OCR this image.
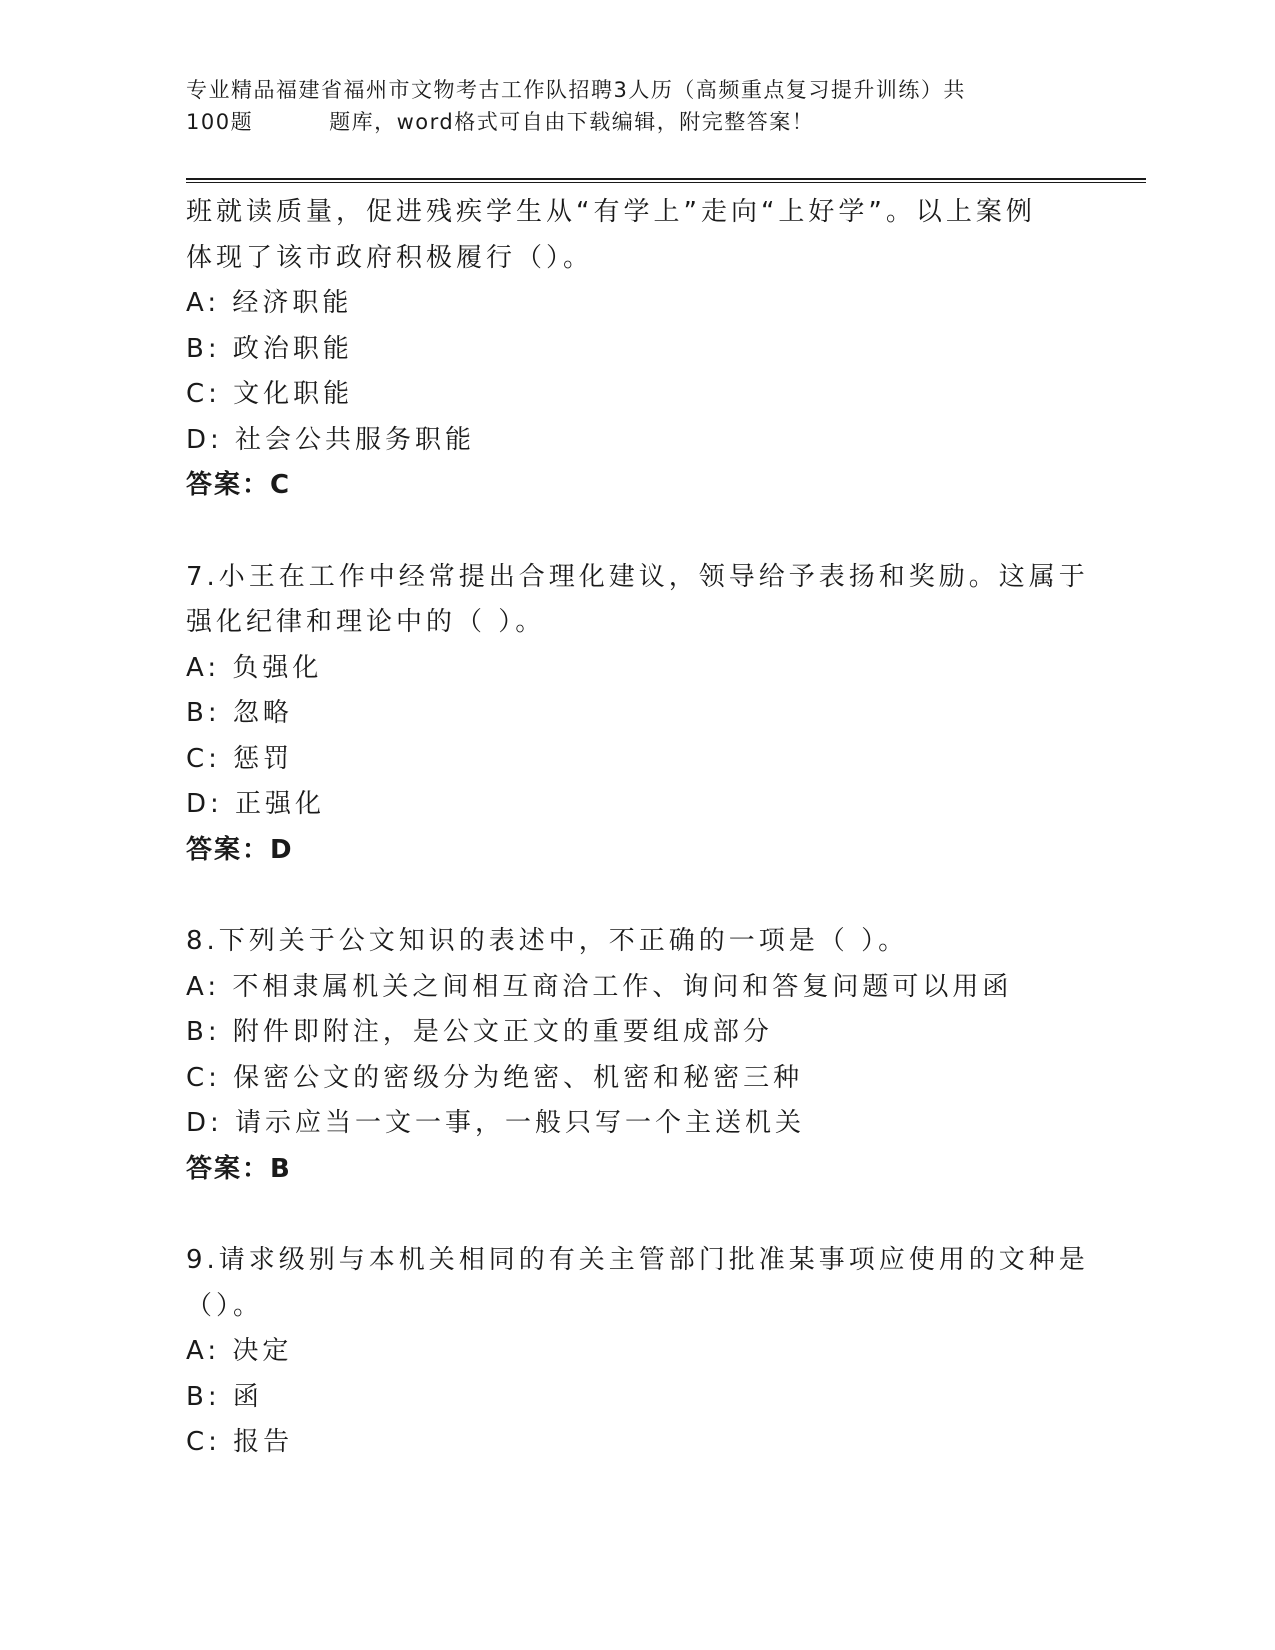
专业精品福建省福州市文物考古工作队招聘3人历（高频重点复习提升训练）共
100题	题库，word格式可自由下载编辑，附完整答案！
班就读质量，促进残疾学生从“有学上”走向“上好学”。以上案例
体现了该市政府积极履行（）。
A: 经济职能
B: 政治职能
C: 文化职能
D: 社会公共服务职能
答案：C
7.小王在工作中经常提出合理化建议，领导给予表扬和奖励。这属于
强化纪律和理论中的（ ）。
A: 负强化
B: 忽略
C: 惩罚
D: 正强化
答案：D
8.下列关于公文知识的表述中，不正确的一项是（ ）。
A: 不相隶属机关之间相互商洽工作、询问和答复问题可以用函
B: 附件即附注，是公文正文的重要组成部分
C: 保密公文的密级分为绝密、机密和秘密三种
D: 请示应当一文一事，一般只写一个主送机关
答案：B
9.请求级别与本机关相同的有关主管部门批准某事项应使用的文种是
（）。
A: 决定
B: 函
C: 报告
